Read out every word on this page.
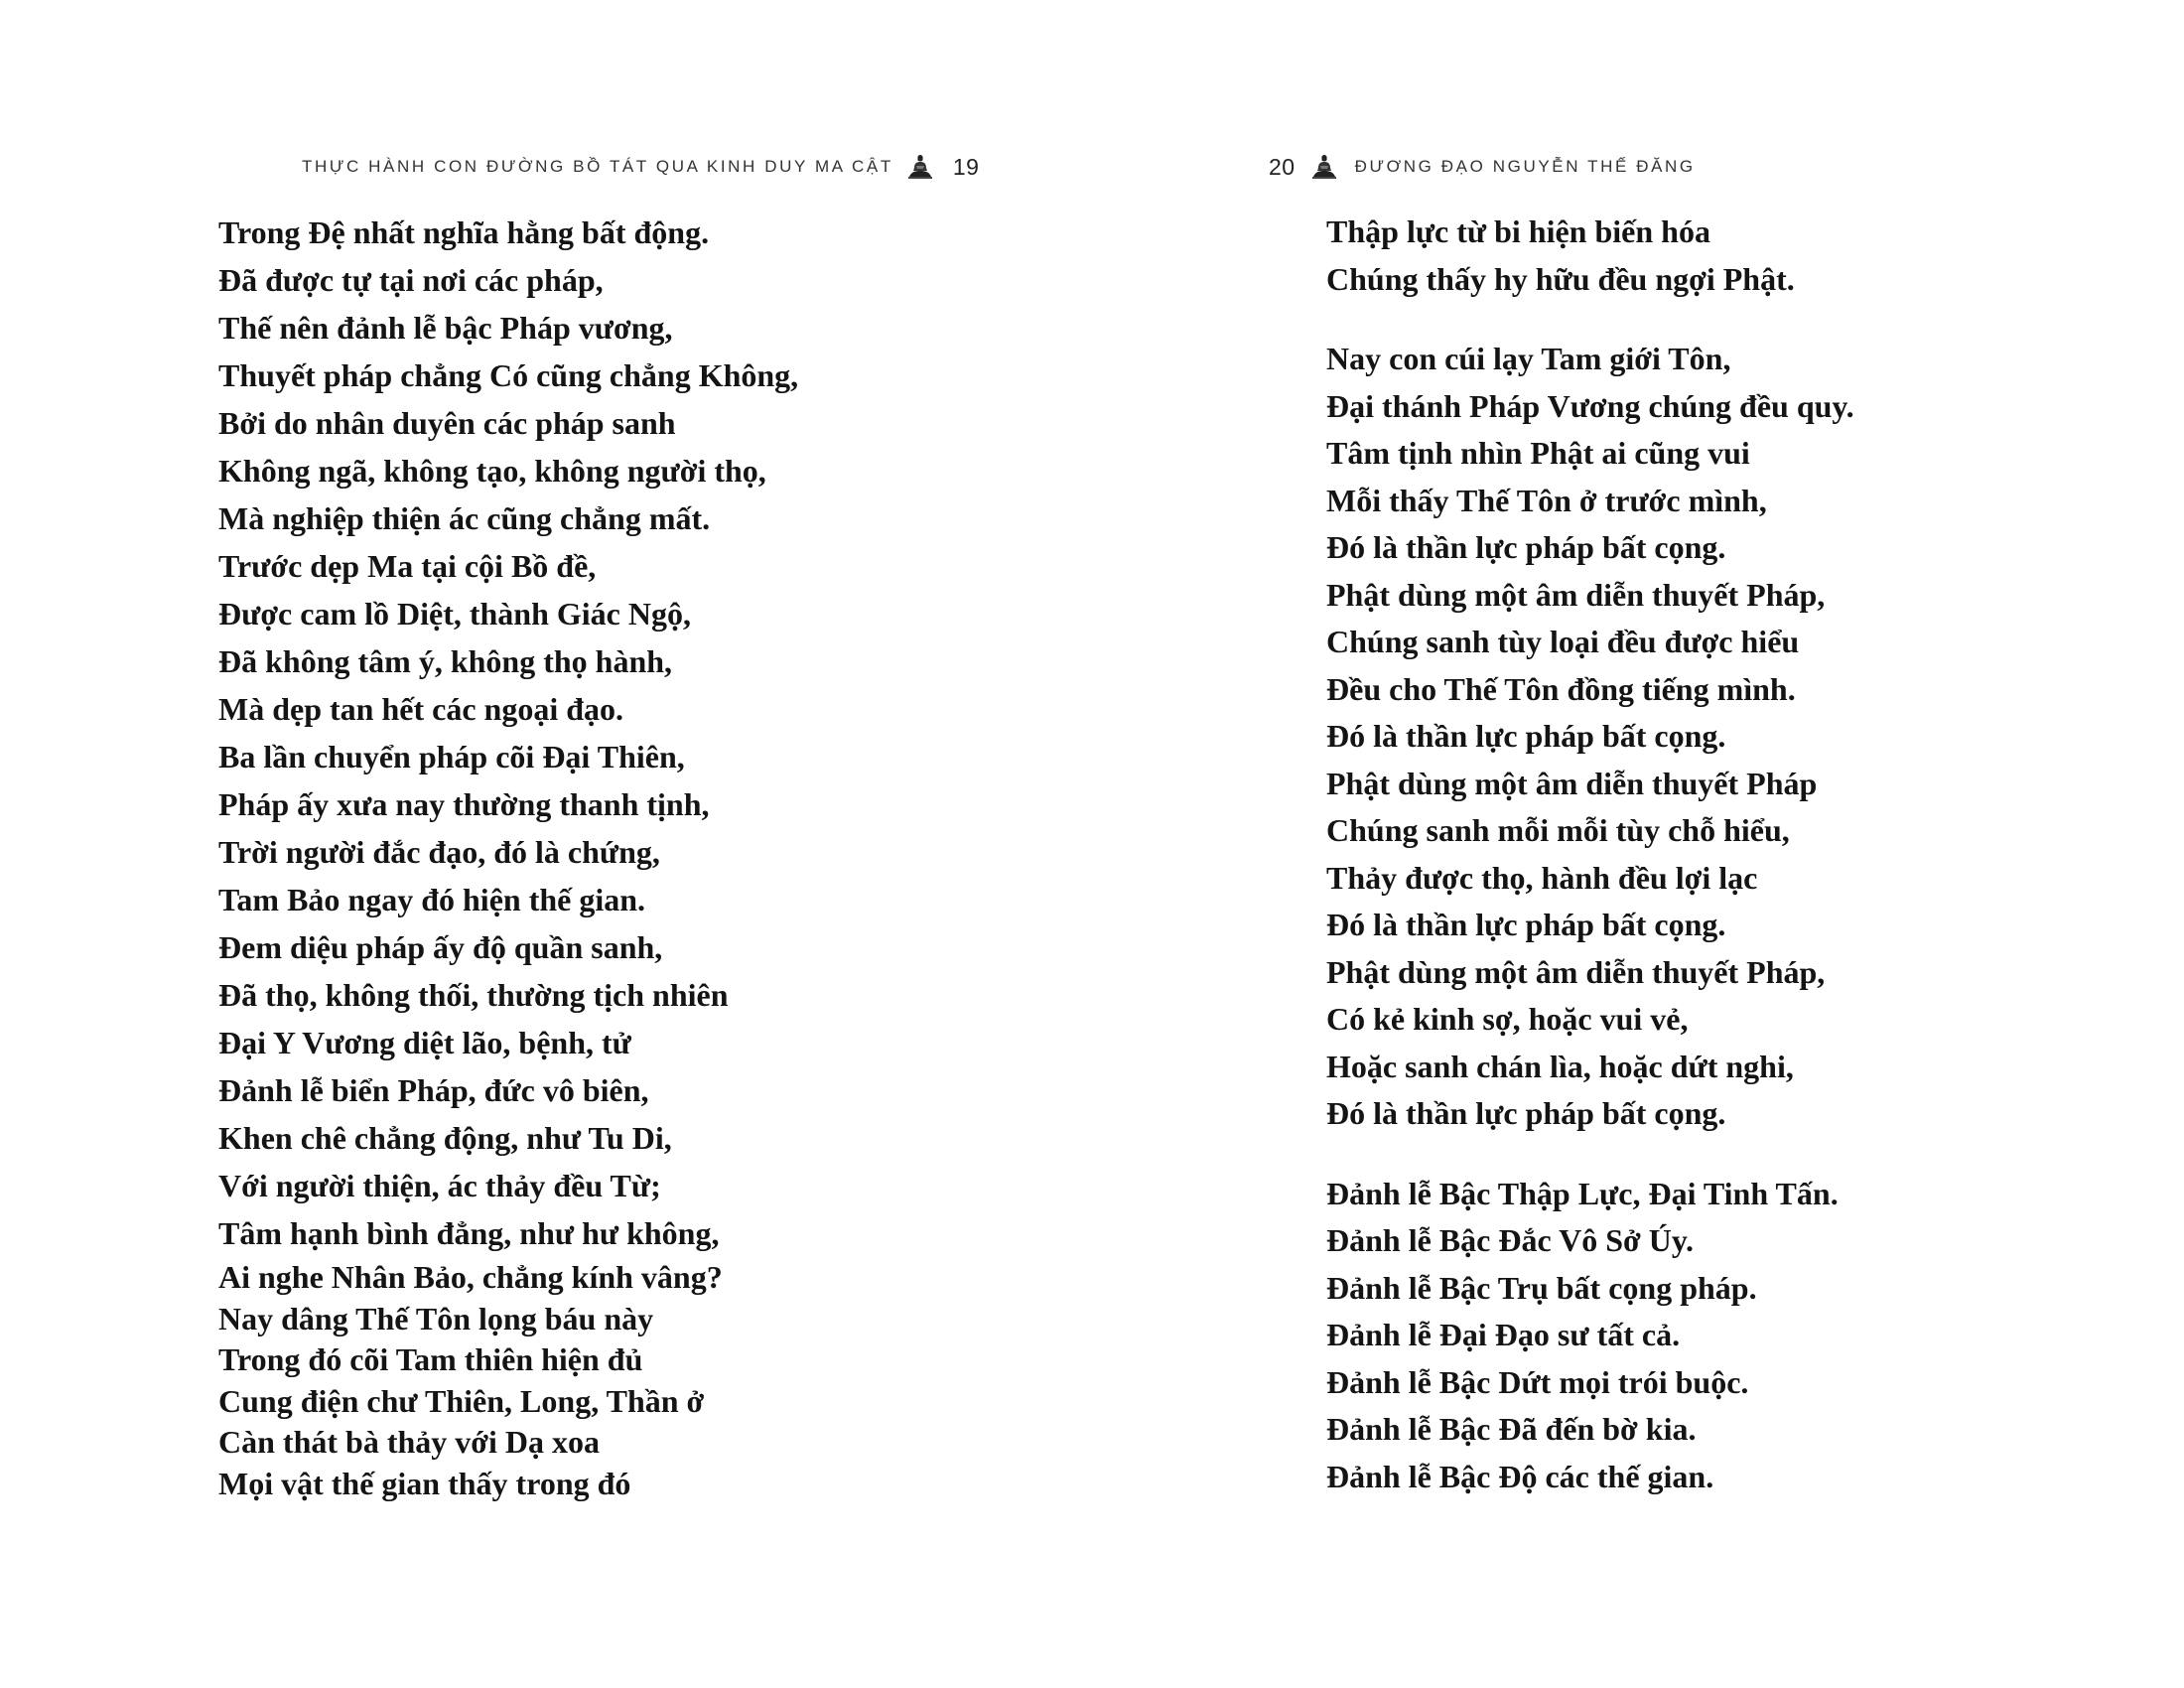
THỰC HÀNH CON ĐƯỜNG BỒ TÁT QUA KINH DUY MA CẬT	19
Trong Đệ nhất nghĩa hằng bất động.
Đã được tự tại nơi các pháp,
Thế nên đảnh lễ bậc Pháp vương,
Thuyết pháp chẳng Có cũng chẳng Không,
Bởi do nhân duyên các pháp sanh
Không ngã, không tạo, không người thọ,
Mà nghiệp thiện ác cũng chẳng mất.
Trước dẹp Ma tại cội Bồ đề,
Được cam lồ Diệt, thành Giác Ngộ,
Đã không tâm ý, không thọ hành,
Mà dẹp tan hết các ngoại đạo.
Ba lần chuyển pháp cõi Đại Thiên,
Pháp ấy xưa nay thường thanh tịnh,
Trời người đắc đạo, đó là chứng,
Tam Bảo ngay đó hiện thế gian.
Đem diệu pháp ấy độ quần sanh,
Đã thọ, không thối, thường tịch nhiên
Đại Y Vương diệt lão, bệnh, tử
Đảnh lễ biển Pháp, đức vô biên,
Khen chê chẳng động, như Tu Di,
Với người thiện, ác thảy đều Từ;
Tâm hạnh bình đẳng, như hư không,
Ai nghe Nhân Bảo, chẳng kính vâng?
Nay dâng Thế Tôn lọng báu này
Trong đó cõi Tam thiên hiện đủ
Cung điện chư Thiên, Long, Thần ở
Càn thát bà thảy với Dạ xoa
Mọi vật thế gian thấy trong đó
20	ĐƯƠNG ĐẠO NGUYỄN THẾ ĐĂNG
Thập lực từ bi hiện biến hóa
Chúng thấy hy hữu đều ngợi Phật.
Nay con cúi lạy Tam giới Tôn,
Đại thánh Pháp Vương chúng đều quy.
Tâm tịnh nhìn Phật ai cũng vui
Mỗi thấy Thế Tôn ở trước mình,
Đó là thần lực pháp bất cọng.
Phật dùng một âm diễn thuyết Pháp,
Chúng sanh tùy loại đều được hiểu
Đều cho Thế Tôn đồng tiếng mình.
Đó là thần lực pháp bất cọng.
Phật dùng một âm diễn thuyết Pháp
Chúng sanh mỗi mỗi tùy chỗ hiểu,
Thảy được thọ, hành đều lợi lạc
Đó là thần lực pháp bất cọng.
Phật dùng một âm diễn thuyết Pháp,
Có kẻ kinh sợ, hoặc vui vẻ,
Hoặc sanh chán lìa, hoặc dứt nghi,
Đó là thần lực pháp bất cọng.
Đảnh lễ Bậc Thập Lực, Đại Tinh Tấn.
Đảnh lễ Bậc Đắc Vô Sở Úy.
Đảnh lễ Bậc Trụ bất cọng pháp.
Đảnh lễ Đại Đạo sư tất cả.
Đảnh lễ Bậc Dứt mọi trói buộc.
Đảnh lễ Bậc Đã đến bờ kia.
Đảnh lễ Bậc Độ các thế gian.
